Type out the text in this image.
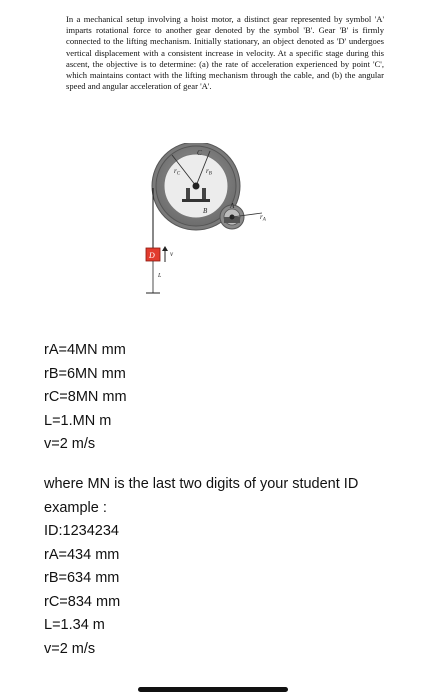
In a mechanical setup involving a hoist motor, a distinct gear represented by symbol 'A' imparts rotational force to another gear denoted by the symbol 'B'. Gear 'B' is firmly connected to the lifting mechanism. Initially stationary, an object denoted as 'D' undergoes vertical displacement with a consistent increase in velocity. At a specific stage during this ascent, the objective is to determine: (a) the rate of acceleration experienced by point 'C', which maintains contact with the lifting mechanism through the cable, and (b) the angular speed and angular acceleration of gear 'A'.
$r_C$	$r_B$
B
C
$r_A$
A
D v
L
rA=4MN mm
rB=6MN mm
rC=8MN mm
L=1.MN m
v=2 m/s
where MN is the last two digits of your student ID
example :
ID:1234234
rA=434 mm
rB=634 mm
rC=834 mm
L=1.34 m
v=2 m/s
